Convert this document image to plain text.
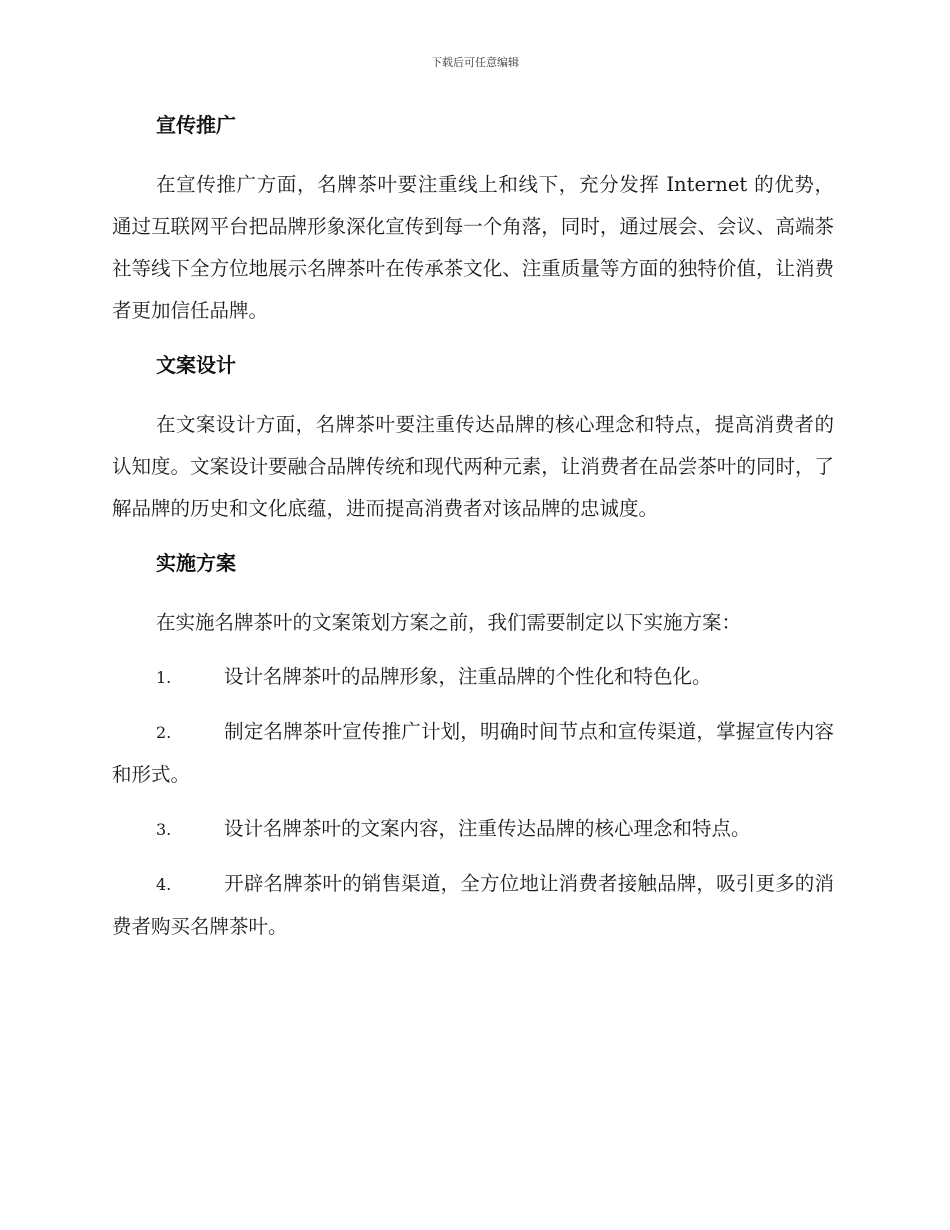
下载后可任意编辑
宣传推广

在宣传推广方面，名牌茶叶要注重线上和线下，充分发挥 Internet 的优势，通过互联网平台把品牌形象深化宣传到每一个角落，同时，通过展会、会议、高端茶社等线下全方位地展示名牌茶叶在传承茶文化、注重质量等方面的独特价值，让消费者更加信任品牌。

文案设计

在文案设计方面，名牌茶叶要注重传达品牌的核心理念和特点，提高消费者的认知度。文案设计要融合品牌传统和现代两种元素，让消费者在品尝茶叶的同时，了解品牌的历史和文化底蕴，进而提高消费者对该品牌的忠诚度。

实施方案

在实施名牌茶叶的文案策划方案之前，我们需要制定以下实施方案：

1.	设计名牌茶叶的品牌形象，注重品牌的个性化和特色化。

2.	制定名牌茶叶宣传推广计划，明确时间节点和宣传渠道，掌握宣传内容和形式。

3.	设计名牌茶叶的文案内容，注重传达品牌的核心理念和特点。

4.	开辟名牌茶叶的销售渠道，全方位地让消费者接触品牌，吸引更多的消费者购买名牌茶叶。
